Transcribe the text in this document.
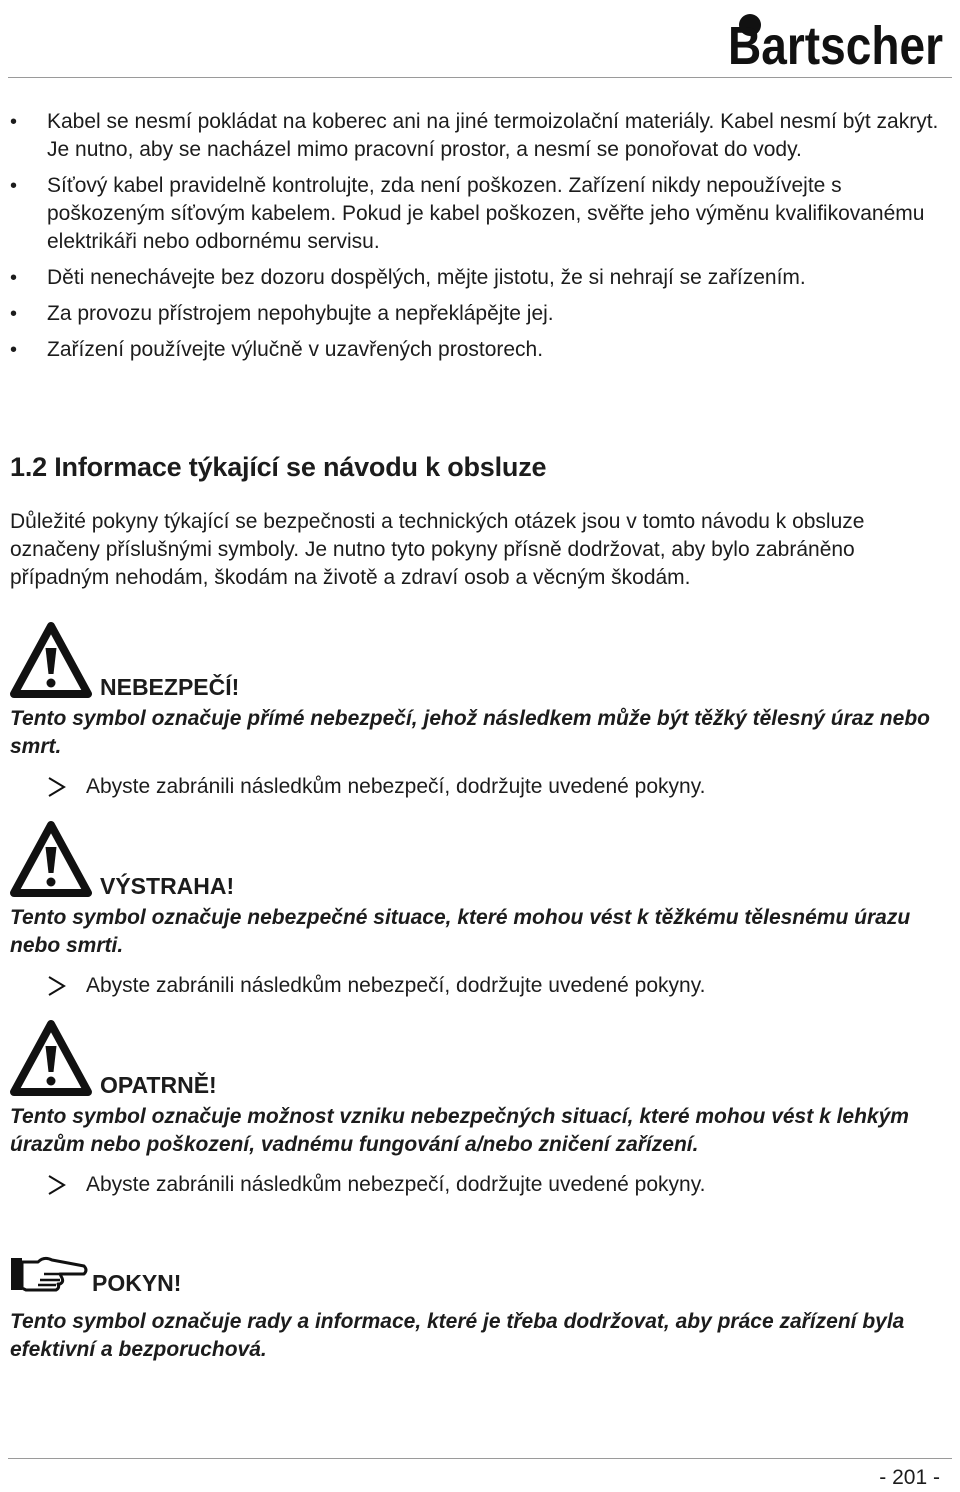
Bartscher
• Kabel se nesmí pokládat na koberec ani na jiné termoizolační materiály. Kabel nesmí být zakryt. Je nutno, aby se nacházel mimo pracovní prostor, a nesmí se ponořovat do vody.
• Síťový kabel pravidelně kontrolujte, zda není poškozen. Zařízení nikdy nepoužívejte s poškozeným síťovým kabelem. Pokud je kabel poškozen, svěřte jeho výměnu kvalifikovanému elektrikáři nebo odbornému servisu.
• Děti nenechávejte bez dozoru dospělých, mějte jistotu, že si nehrají se zařízením.
• Za provozu přístrojem nepohybujte a nepřeklápějte jej.
• Zařízení používejte výlučně v uzavřených prostorech.
1.2 Informace týkající se návodu k obsluze
Důležité pokyny týkající se bezpečnosti a technických otázek jsou v tomto návodu k obsluze označeny příslušnými symboly. Je nutno tyto pokyny přísně dodržovat, aby bylo zabráněno případným nehodám, škodám na životě a zdraví osob a věcným škodám.
NEBEZPEČÍ!
Tento symbol označuje přímé nebezpečí, jehož následkem může být těžký tělesný úraz nebo smrt.
Abyste zabránili následkům nebezpečí, dodržujte uvedené pokyny.
VÝSTRAHA!
Tento symbol označuje nebezpečné situace, které mohou vést k těžkému tělesnému úrazu nebo smrti.
Abyste zabránili následkům nebezpečí, dodržujte uvedené pokyny.
OPATRNĚ!
Tento symbol označuje možnost vzniku nebezpečných situací, které mohou vést k lehkým úrazům nebo poškození, vadnému fungování a/nebo zničení zařízení.
Abyste zabránili následkům nebezpečí, dodržujte uvedené pokyny.
POKYN!
Tento symbol označuje rady a informace, které je třeba dodržovat, aby práce zařízení byla efektivní a bezporuchová.
- 201 -
